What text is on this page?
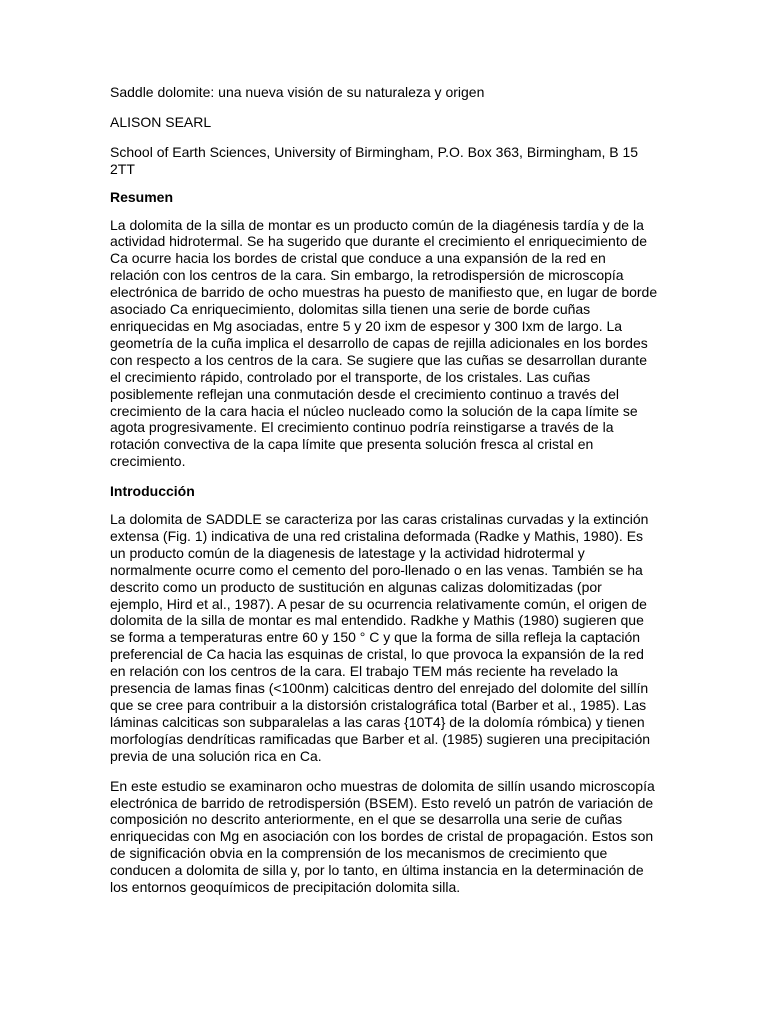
Saddle dolomite: una nueva visión de su naturaleza y origen

ALISON SEARL

School of Earth Sciences, University of Birmingham, P.O. Box 363, Birmingham, B 15 2TT

Resumen

La dolomita de la silla de montar es un producto común de la diagénesis tardía y de la actividad hidrotermal. Se ha sugerido que durante el crecimiento el enriquecimiento de Ca ocurre hacia los bordes de cristal que conduce a una expansión de la red en relación con los centros de la cara. Sin embargo, la retrodispersión de microscopía electrónica de barrido de ocho muestras ha puesto de manifiesto que, en lugar de borde asociado Ca enriquecimiento, dolomitas silla tienen una serie de borde cuñas enriquecidas en Mg asociadas, entre 5 y 20 ixm de espesor y 300 Ixm de largo. La geometría de la cuña implica el desarrollo de capas de rejilla adicionales en los bordes con respecto a los centros de la cara. Se sugiere que las cuñas se desarrollan durante el crecimiento rápido, controlado por el transporte, de los cristales. Las cuñas posiblemente reflejan una conmutación desde el crecimiento continuo a través del crecimiento de la cara hacia el núcleo nucleado como la solución de la capa límite se agota progresivamente. El crecimiento continuo podría reinstigarse a través de la rotación convectiva de la capa límite que presenta solución fresca al cristal en crecimiento.

Introducción

La dolomita de SADDLE se caracteriza por las caras cristalinas curvadas y la extinción extensa (Fig. 1) indicativa de una red cristalina deformada (Radke y Mathis, 1980). Es un producto común de la diagenesis de latestage y la actividad hidrotermal y normalmente ocurre como el cemento del poro-llenado o en las venas. También se ha descrito como un producto de sustitución en algunas calizas dolomitizadas (por ejemplo, Hird et al., 1987). A pesar de su ocurrencia relativamente común, el origen de dolomita de la silla de montar es mal entendido. Radkhe y Mathis (1980) sugieren que se forma a temperaturas entre 60 y 150 ° C y que la forma de silla refleja la captación preferencial de Ca hacia las esquinas de cristal, lo que provoca la expansión de la red en relación con los centros de la cara. El trabajo TEM más reciente ha revelado la presencia de lamas finas (<100nm) calciticas dentro del enrejado del dolomite del sillín que se cree para contribuir a la distorsión cristalográfica total (Barber et al., 1985). Las láminas calciticas son subparalelas a las caras {10T4} de la dolomía rómbica) y tienen morfologías dendríticas ramificadas que Barber et al. (1985) sugieren una precipitación previa de una solución rica en Ca.

En este estudio se examinaron ocho muestras de dolomita de sillín usando microscopía electrónica de barrido de retrodispersión (BSEM). Esto reveló un patrón de variación de composición no descrito anteriormente, en el que se desarrolla una serie de cuñas enriquecidas con Mg en asociación con los bordes de cristal de propagación. Estos son de significación obvia en la comprensión de los mecanismos de crecimiento que conducen a dolomita de silla y, por lo tanto, en última instancia en la determinación de los entornos geoquímicos de precipitación dolomita silla.
